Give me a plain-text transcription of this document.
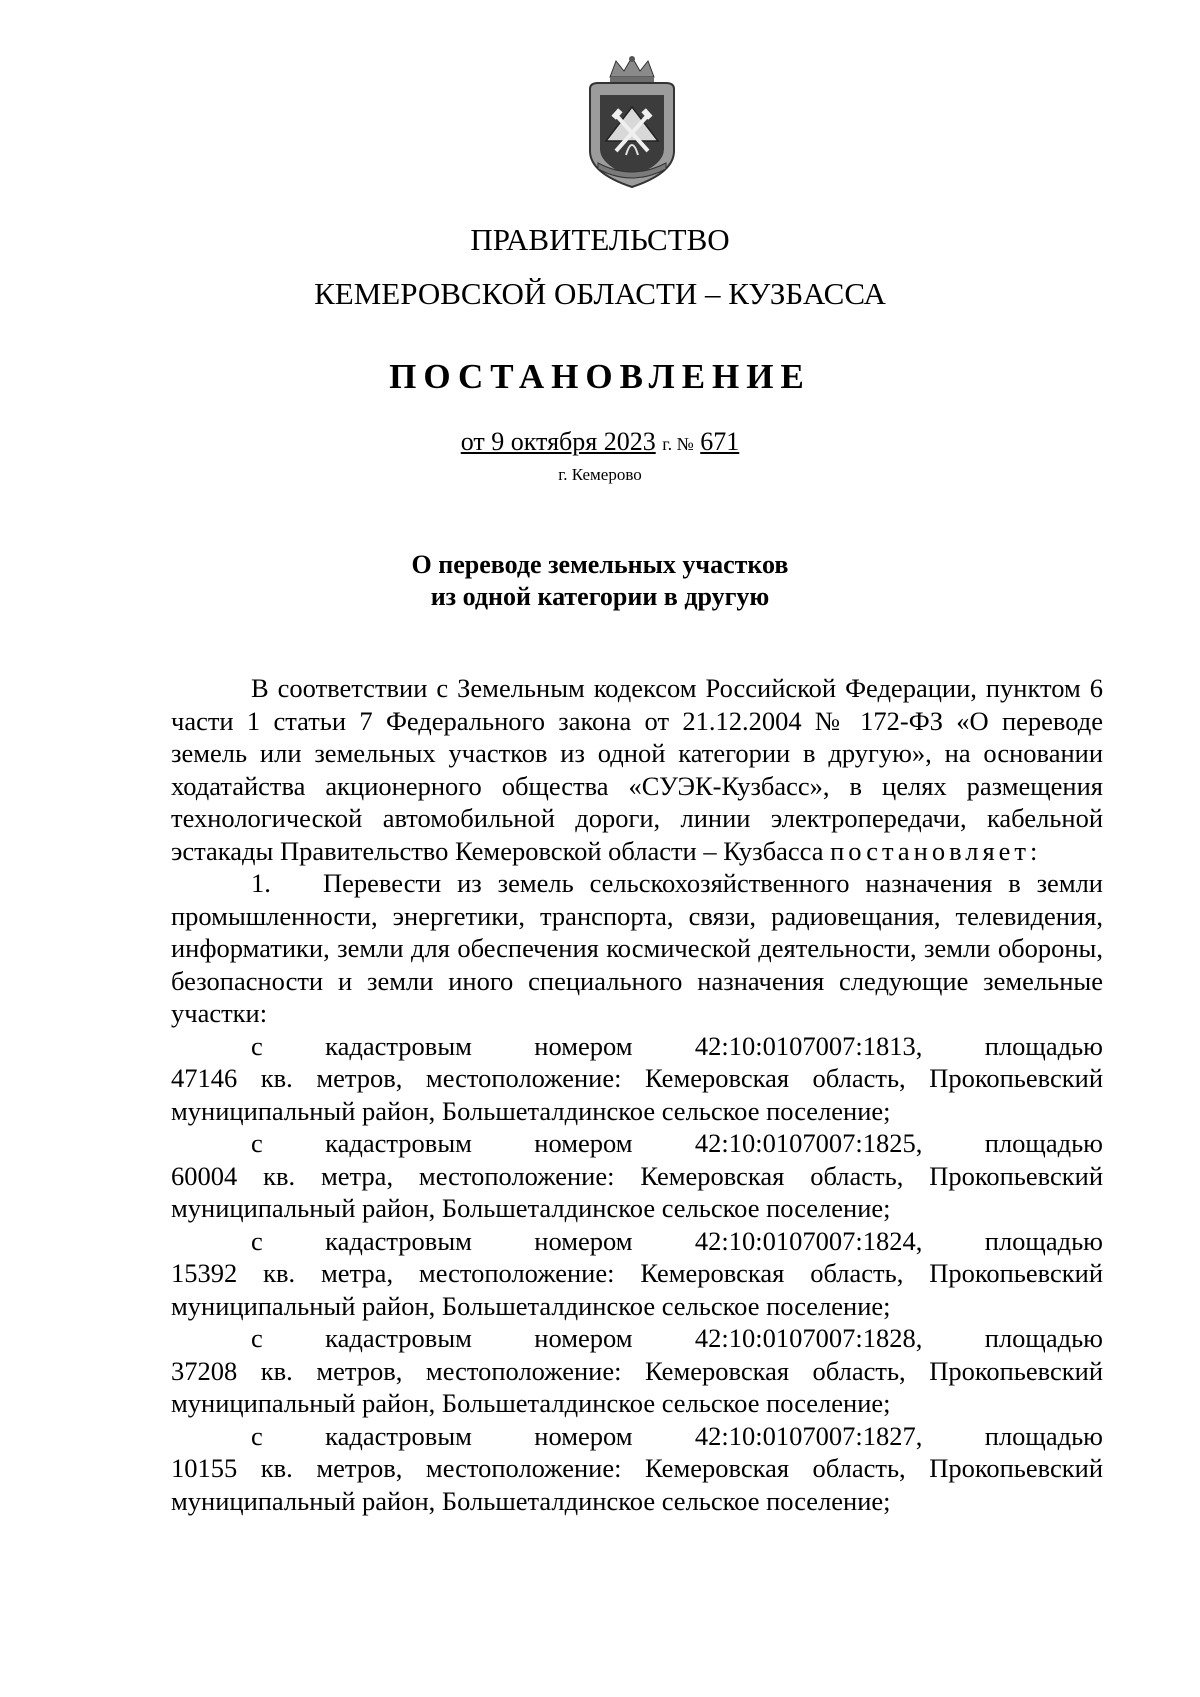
ПРАВИТЕЛЬСТВО
КЕМЕРОВСКОЙ ОБЛАСТИ – КУЗБАССА
ПОСТАНОВЛЕНИЕ
от 9 октября 2023 г. № 671
г. Кемерово
О переводе земельных участков
из одной категории в другую

В соответствии с Земельным кодексом Российской Федерации, пунктом 6 части 1 статьи 7 Федерального закона от 21.12.2004 № 172-ФЗ «О переводе земель или земельных участков из одной категории в другую», на основании ходатайства акционерного общества «СУЭК-Кузбасс», в целях размещения технологической автомобильной дороги, линии электропередачи, кабельной эстакады Правительство Кемеровской области – Кузбасса постановляет:

1. Перевести из земель сельскохозяйственного назначения в земли промышленности, энергетики, транспорта, связи, радиовещания, телевидения, информатики, земли для обеспечения космической деятельности, земли обороны, безопасности и земли иного специального назначения следующие земельные участки:

с кадастровым номером 42:10:0107007:1813, площадью

47146 кв. метров, местоположение: Кемеровская область, Прокопьевский муниципальный район, Большеталдинское сельское поселение;

с кадастровым номером 42:10:0107007:1825, площадью

60004 кв. метра, местоположение: Кемеровская область, Прокопьевский муниципальный район, Большеталдинское сельское поселение;

с кадастровым номером 42:10:0107007:1824, площадью

15392 кв. метра, местоположение: Кемеровская область, Прокопьевский муниципальный район, Большеталдинское сельское поселение;

с кадастровым номером 42:10:0107007:1828, площадью

37208 кв. метров, местоположение: Кемеровская область, Прокопьевский муниципальный район, Большеталдинское сельское поселение;

с кадастровым номером 42:10:0107007:1827, площадью

10155 кв. метров, местоположение: Кемеровская область, Прокопьевский муниципальный район, Большеталдинское сельское поселение;
